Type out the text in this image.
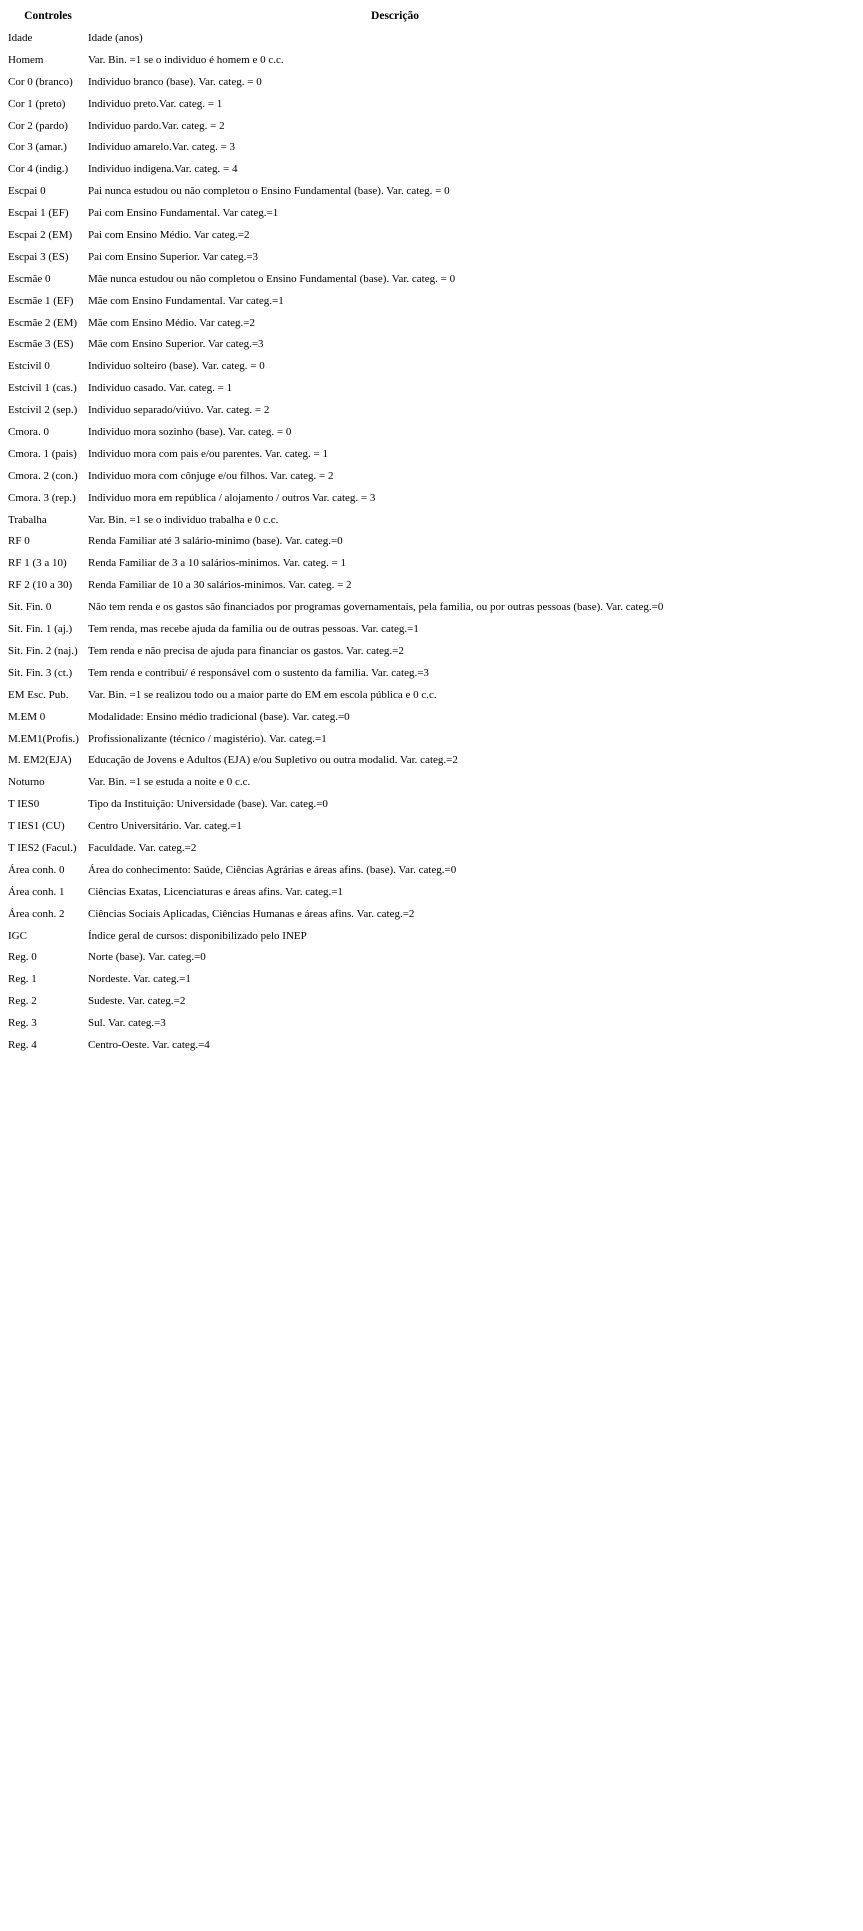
Controles	Descrição
Idade	Idade (anos)
Homem	Var. Bin. =1 se o individuo é homem e 0 c.c.
Cor 0 (branco)	Individuo branco (base). Var. categ. = 0
Cor 1 (preto)	Individuo preto.Var. categ. = 1
Cor 2 (pardo)	Individuo pardo.Var. categ. = 2
Cor 3 (amar.)	Individuo amarelo.Var. categ. = 3
Cor 4 (indig.)	Individuo indigena.Var. categ. = 4
Escpai 0	Pai nunca estudou ou não completou o Ensino Fundamental (base). Var. categ. = 0
Escpai 1 (EF)	Pai com Ensino Fundamental. Var categ.=1
Escpai 2 (EM)	Pai com Ensino Médio. Var categ.=2
Escpai 3 (ES)	Pai com Ensino Superior. Var categ.=3
Escmãe 0	Mãe nunca estudou ou não completou o Ensino Fundamental (base). Var. categ. = 0
Escmãe 1 (EF)	Mãe com Ensino Fundamental. Var categ.=1
Escmãe 2 (EM) Mãe com Ensino Médio. Var categ.=2
Escmãe 3 (ES)	Mãe com Ensino Superior. Var categ.=3
Estcivil 0	Individuo solteiro (base). Var. categ. = 0
Estcivil 1 (cas.)	Individuo casado. Var. categ. = 1
Estcivil 2 (sep.) Individuo separado/viúvo. Var. categ. = 2
Cmora. 0	Individuo mora sozinho (base). Var. categ. = 0
Cmora. 1 (pais)	Individuo mora com pais e/ou parentes. Var. categ. = 1
Cmora. 2 (con.) Individuo mora com cônjuge e/ou filhos. Var. categ. = 2
Cmora. 3 (rep.)	Individuo mora em república / alojamento / outros Var. categ. = 3
Trabalha	Var. Bin. =1 se o individuo trabalha e 0 c.c.
RF 0	Renda Familiar até 3 salário-minimo (base). Var. categ.=0
RF 1 (3 a 10)	Renda Familiar de 3 a 10 salários-minimos. Var. categ. = 1
RF 2 (10 a 30)	Renda Familiar de 10 a 30 salários-minimos. Var. categ. = 2
Sit. Fin. 0	Não tem renda e os gastos são financiados por programas governamentais, pela familia, ou por outras pessoas (base). Var. categ.=0
Sit. Fin. 1 (aj.)	Tem renda, mas recebe ajuda da familia ou de outras pessoas. Var. categ.=1
Sit. Fin. 2 (naj.) Tem renda e não precisa de ajuda para financiar os gastos. Var. categ.=2
Sit. Fin. 3 (ct.)	Tem renda e contribui/ é responsável com o sustento da familia. Var. categ.=3
EM Esc. Pub.	Var. Bin. =1 se realizou todo ou a maior parte do EM em escola pública e 0 c.c.
M.EM 0	Modalidade: Ensino médio tradicional (base). Var. categ.=0
M.EM1(Profis.) Profissionalizante (técnico / magistério). Var. categ.=1
M. EM2(EJA)	Educação de Jovens e Adultos (EJA) e/ou Supletivo ou outra modalid. Var. categ.=2
Noturno	Var. Bin. =1 se estuda a noite e 0 c.c.
T IES0	Tipo da Instituição: Universidade (base). Var. categ.=0
T IES1 (CU)	Centro Universitário. Var. categ.=1
T IES2 (Facul.)	Faculdade. Var. categ.=2
Área conh. 0	Área do conhecimento: Saúde, Ciências Agrárias e áreas afins. (base). Var. categ.=0
Área conh. 1	Ciências Exatas, Licenciaturas e áreas afins. Var. categ.=1
Área conh. 2	Ciências Sociais Aplicadas, Ciências Humanas e áreas afins. Var. categ.=2
IGC	Índice geral de cursos: disponibilizado pelo INEP
Reg. 0	Norte (base). Var. categ.=0
Reg. 1	Nordeste. Var. categ.=1
Reg. 2	Sudeste. Var. categ.=2
Reg. 3	Sul. Var. categ.=3
Reg. 4	Centro-Oeste. Var. categ.=4
